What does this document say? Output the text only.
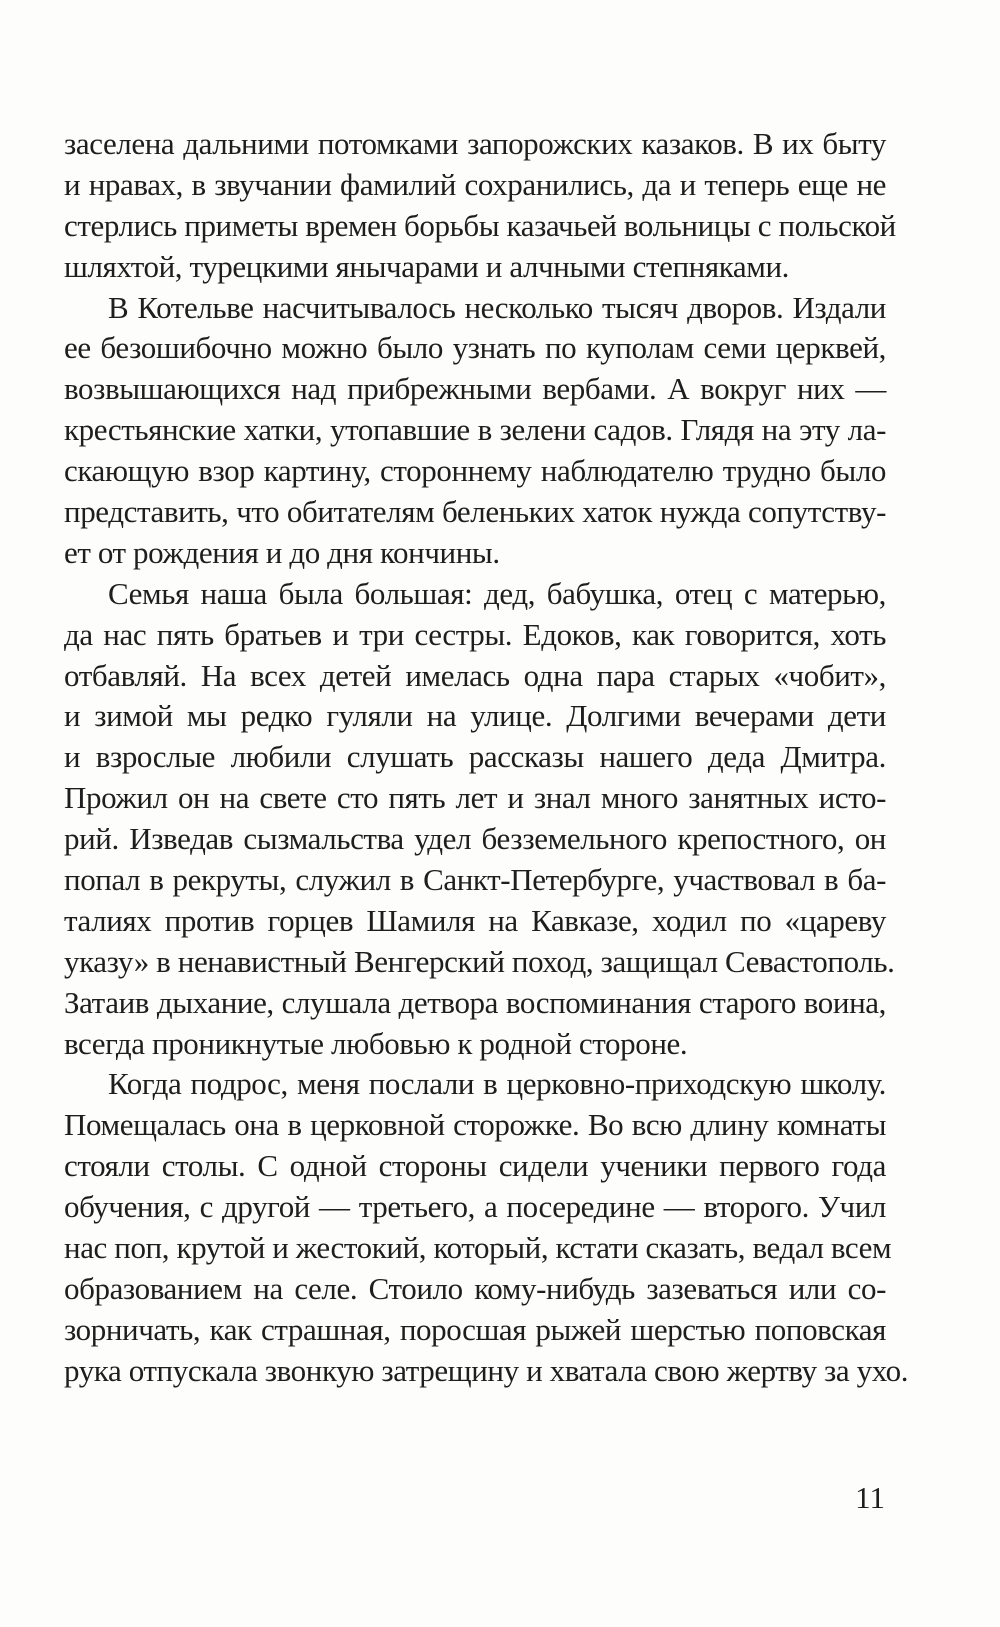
заселена дальними потомками запорожских казаков. В их быту
и нравах, в звучании фамилий сохранились, да и теперь еще не
стерлись приметы времен борьбы казачьей вольницы с польской
шляхтой, турецкими янычарами и алчными степняками.
В Котельве насчитывалось несколько тысяч дворов. Издали
ее безошибочно можно было узнать по куполам семи церквей,
возвышающихся над прибрежными вербами. А вокруг них —
крестьянские хатки, утопавшие в зелени садов. Глядя на эту ла-
скающую взор картину, стороннему наблюдателю трудно было
представить, что обитателям беленьких хаток нужда сопутству-
ет от рождения и до дня кончины.
Семья наша была большая: дед, бабушка, отец с матерью,
да нас пять братьев и три сестры. Едоков, как говорится, хоть
отбавляй. На всех детей имелась одна пара старых «чобит»,
и зимой мы редко гуляли на улице. Долгими вечерами дети
и взрослые любили слушать рассказы нашего деда Дмитра.
Прожил он на свете сто пять лет и знал много занятных исто-
рий. Изведав сызмальства удел безземельного крепостного, он
попал в рекруты, служил в Санкт-Петербурге, участвовал в ба-
талиях против горцев Шамиля на Кавказе, ходил по «цареву
указу» в ненавистный Венгерский поход, защищал Севастополь.
Затаив дыхание, слушала детвора воспоминания старого воина,
всегда проникнутые любовью к родной стороне.
Когда подрос, меня послали в церковно-приходскую школу.
Помещалась она в церковной сторожке. Во всю длину комнаты
стояли столы. С одной стороны сидели ученики первого года
обучения, с другой — третьего, а посередине — второго. Учил
нас поп, крутой и жестокий, который, кстати сказать, ведал всем
образованием на селе. Стоило кому-нибудь зазеваться или со-
зорничать, как страшная, поросшая рыжей шерстью поповская
рука отпускала звонкую затрещину и хватала свою жертву за ухо.
11
